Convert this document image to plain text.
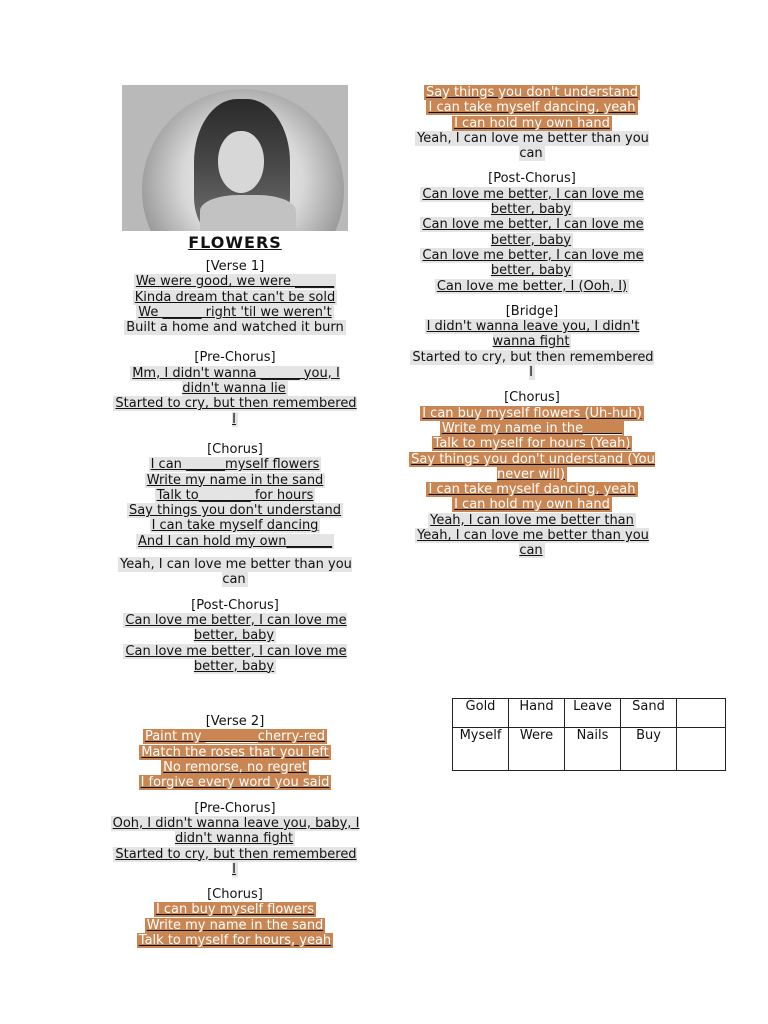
FLOWERS
[Verse 1]
We were good, we were ______
Kinda dream that can't be sold
We ______ right 'til we weren't
Built a home and watched it burn
[Pre-Chorus]
Mm, I didn't wanna ______ you, I didn't wanna lie
Started to cry, but then remembered I
[Chorus]
I can ______myself flowers
Write my name in the sand
Talk to________ for hours
Say things you don't understand
I can take myself dancing
And I can hold my own_______
Yeah, I can love me better than you can
[Post-Chorus]
Can love me better, I can love me better, baby
Can love me better, I can love me better, baby
[Verse 2]
Paint my ________cherry-red
Match the roses that you left
No remorse, no regret
I forgive every word you said
[Pre-Chorus]
Ooh, I didn't wanna leave you, baby, I didn't wanna fight
Started to cry, but then remembered I
[Chorus]
I can buy myself flowers
Write my name in the sand
Talk to myself for hours, yeah
Say things you don't understand
I can take myself dancing, yeah
I can hold my own hand
Yeah, I can love me better than you can
[Post-Chorus]
Can love me better, I can love me better, baby
Can love me better, I can love me better, baby
Can love me better, I can love me better, baby
Can love me better, I (Ooh, I)
[Bridge]
I didn't wanna leave you, I didn't wanna fight
Started to cry, but then remembered I
[Chorus]
I can buy myself flowers (Uh-huh)
Write my name in the______
Talk to myself for hours (Yeah)
Say things you don't understand (You never will)
I can take myself dancing, yeah
I can hold my own hand
Yeah, I can love me better than
Yeah, I can love me better than you can
Gold	Hand	Leave	Sand	
Myself	Were	Nails	Buy	
